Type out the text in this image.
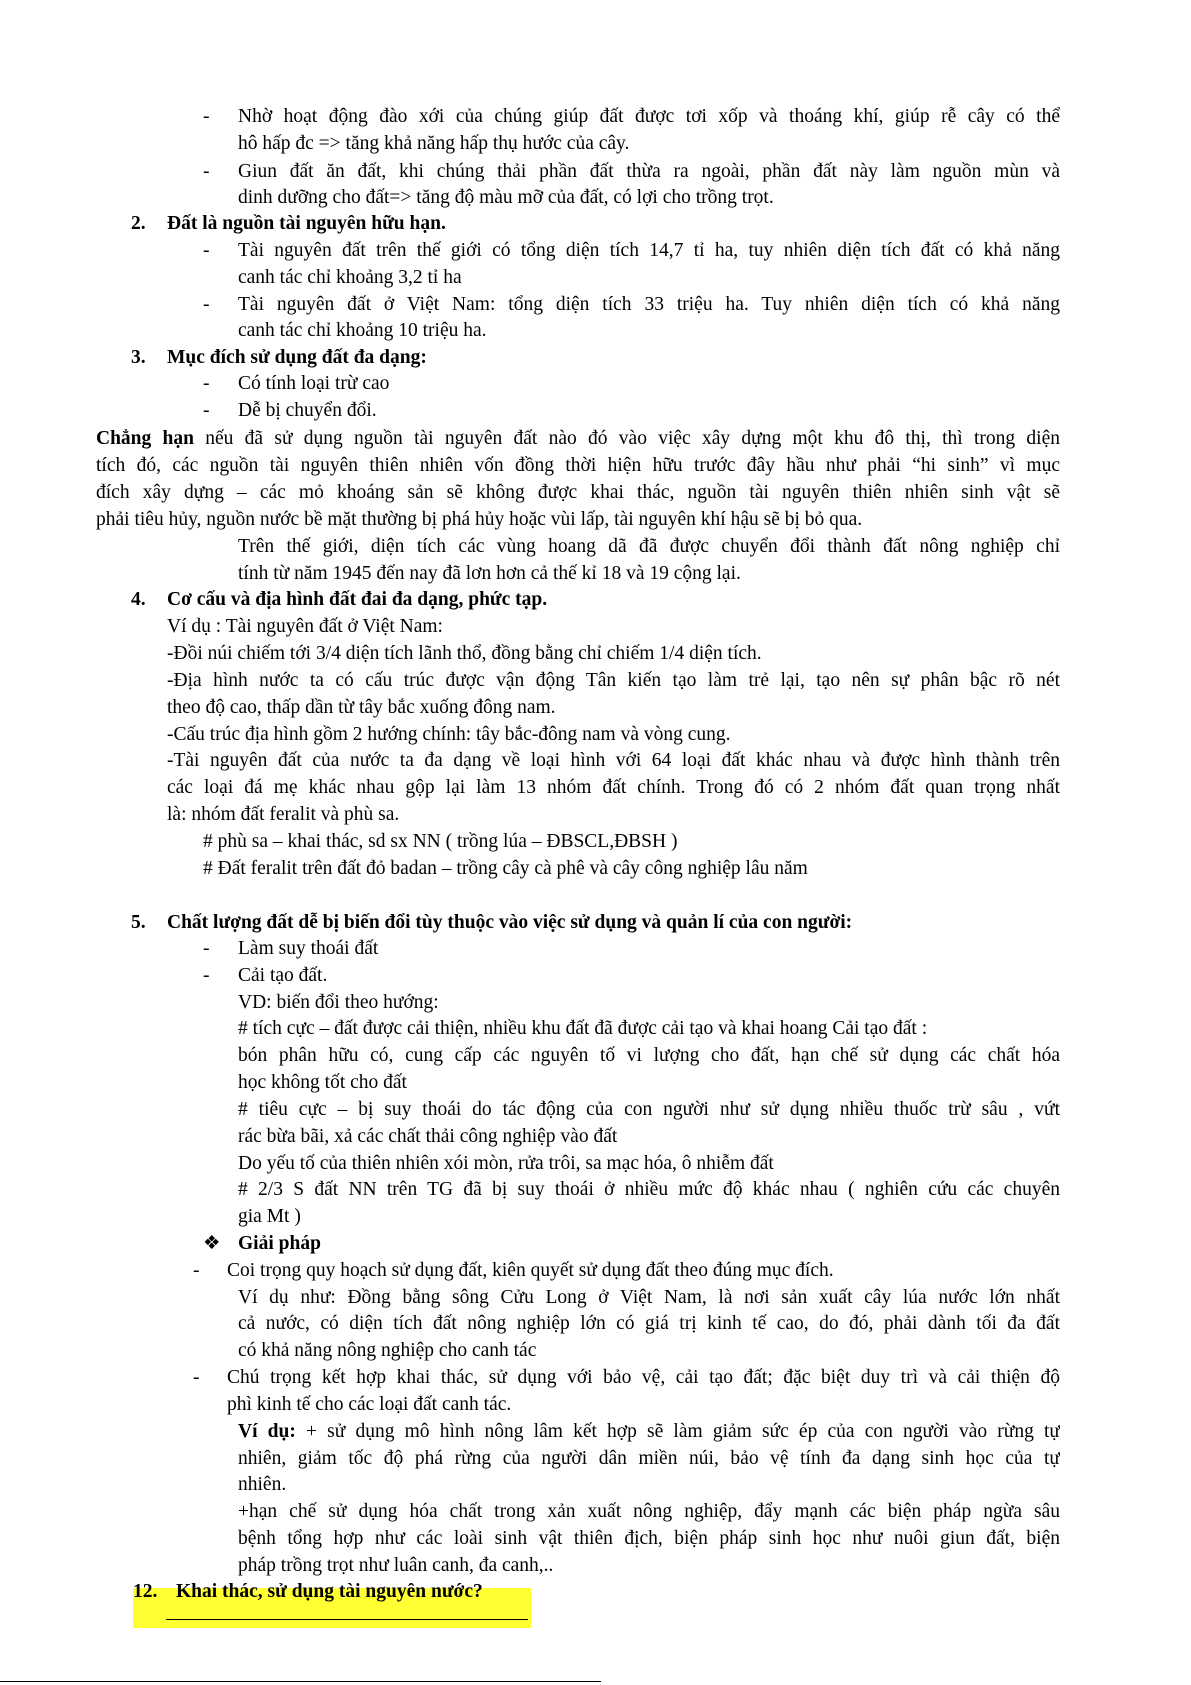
- Nhờ hoạt động đào xới của chúng giúp đất được tơi xốp và thoáng khí, giúp rễ cây có thể
hô hấp đc => tăng khả năng hấp thụ hước của cây.
- Giun đất ăn đất, khi chúng thải phần đất thừa ra ngoài, phần đất này làm nguồn mùn và
dinh dưỡng cho đất=> tăng độ màu mỡ của đất, có lợi cho trồng trọt.
2. Đất là nguồn tài nguyên hữu hạn.
- Tài nguyên đất trên thế giới có tổng diện tích 14,7 tỉ ha, tuy nhiên diện tích đất có khả năng
canh tác chỉ khoảng 3,2 tỉ ha
- Tài nguyên đất ở Việt Nam: tổng diện tích 33 triệu ha. Tuy nhiên diện tích có khả năng
canh tác chỉ khoảng 10 triệu ha.
3. Mục đích sử dụng đất đa dạng:
- Có tính loại trừ cao
- Dễ bị chuyển đổi.
Chẳng hạn nếu đã sử dụng nguồn tài nguyên đất nào đó vào việc xây dựng một khu đô thị, thì trong diện
tích đó, các nguồn tài nguyên thiên nhiên vốn đồng thời hiện hữu trước đây hầu như phải “hi sinh” vì mục
đích xây dựng – các mỏ khoáng sản sẽ không được khai thác, nguồn tài nguyên thiên nhiên sinh vật sẽ
phải tiêu hủy, nguồn nước bề mặt thường bị phá hủy hoặc vùi lấp, tài nguyên khí hậu sẽ bị bỏ qua.
Trên thế giới, diện tích các vùng hoang dã đã được chuyển đổi thành đất nông nghiệp chỉ
tính từ năm 1945 đến nay đã lơn hơn cả thế kỉ 18 và 19 cộng lại.
4. Cơ cấu và địa hình đất đai đa dạng, phức tạp.
Ví dụ : Tài nguyên đất ở Việt Nam:
-Đồi núi chiếm tới 3/4 diện tích lãnh thổ, đồng bằng chỉ chiếm 1/4 diện tích.
-Địa hình nước ta có cấu trúc được vận động Tân kiến tạo làm trẻ lại, tạo nên sự phân bậc rõ nét
theo độ cao, thấp dần từ tây bắc xuống đông nam.
-Cấu trúc địa hình gồm 2 hướng chính: tây bắc-đông nam và vòng cung.
-Tài nguyên đất của nước ta đa dạng về loại hình với 64 loại đất khác nhau và được hình thành trên
các loại đá mẹ khác nhau gộp lại làm 13 nhóm đất chính. Trong đó có 2 nhóm đất quan trọng nhất
là: nhóm đất feralit và phù sa.
# phù sa – khai thác, sd sx NN ( trồng lúa – ĐBSCL,ĐBSH )
# Đất feralit trên đất đỏ badan – trồng cây cà phê và cây công nghiệp lâu năm
5. Chất lượng đất dễ bị biến đổi tùy thuộc vào việc sử dụng và quản lí của con người:
- Làm suy thoái đất
- Cải tạo đất.
VD: biến đổi theo hướng:
# tích cực – đất được cải thiện, nhiều khu đất đã được cải tạo và khai hoang Cải tạo đất :
bón phân hữu có, cung cấp các nguyên tố vi lượng cho đất, hạn chế sử dụng các chất hóa
học không tốt cho đất
# tiêu cực – bị suy thoái do tác động của con người như sử dụng nhiều thuốc trừ sâu , vứt
rác bừa bãi, xả các chất thải công nghiệp vào đất
Do yếu tố của thiên nhiên xói mòn, rửa trôi, sa mạc hóa, ô nhiễm đất
# 2/3 S đất NN trên TG đã bị suy thoái ở nhiều mức độ khác nhau ( nghiên cứu các chuyên
gia Mt )
❖ Giải pháp
- Coi trọng quy hoạch sử dụng đất, kiên quyết sử dụng đất theo đúng mục đích.
Ví dụ như: Đồng bằng sông Cửu Long ở Việt Nam, là nơi sản xuất cây lúa nước lớn nhất
cả nước, có diện tích đất nông nghiệp lớn có giá trị kinh tế cao, do đó, phải dành tối đa đất
có khả năng nông nghiệp cho canh tác
- Chú trọng kết hợp khai thác, sử dụng với bảo vệ, cải tạo đất; đặc biệt duy trì và cải thiện độ
phì kinh tế cho các loại đất canh tác.
Ví dụ: + sử dụng mô hình nông lâm kết hợp sẽ làm giảm sức ép của con người vào rừng tự
nhiên, giảm tốc độ phá rừng của người dân miền núi, bảo vệ tính đa dạng sinh học của tự
nhiên.
+hạn chế sử dụng hóa chất trong xản xuất nông nghiệp, đẩy mạnh các biện pháp ngừa sâu
bệnh tổng hợp như các loài sinh vật thiên địch, biện pháp sinh học như nuôi giun đất, biện
pháp trồng trọt như luân canh, đa canh,..
12. Khai thác, sử dụng tài nguyên nước?
